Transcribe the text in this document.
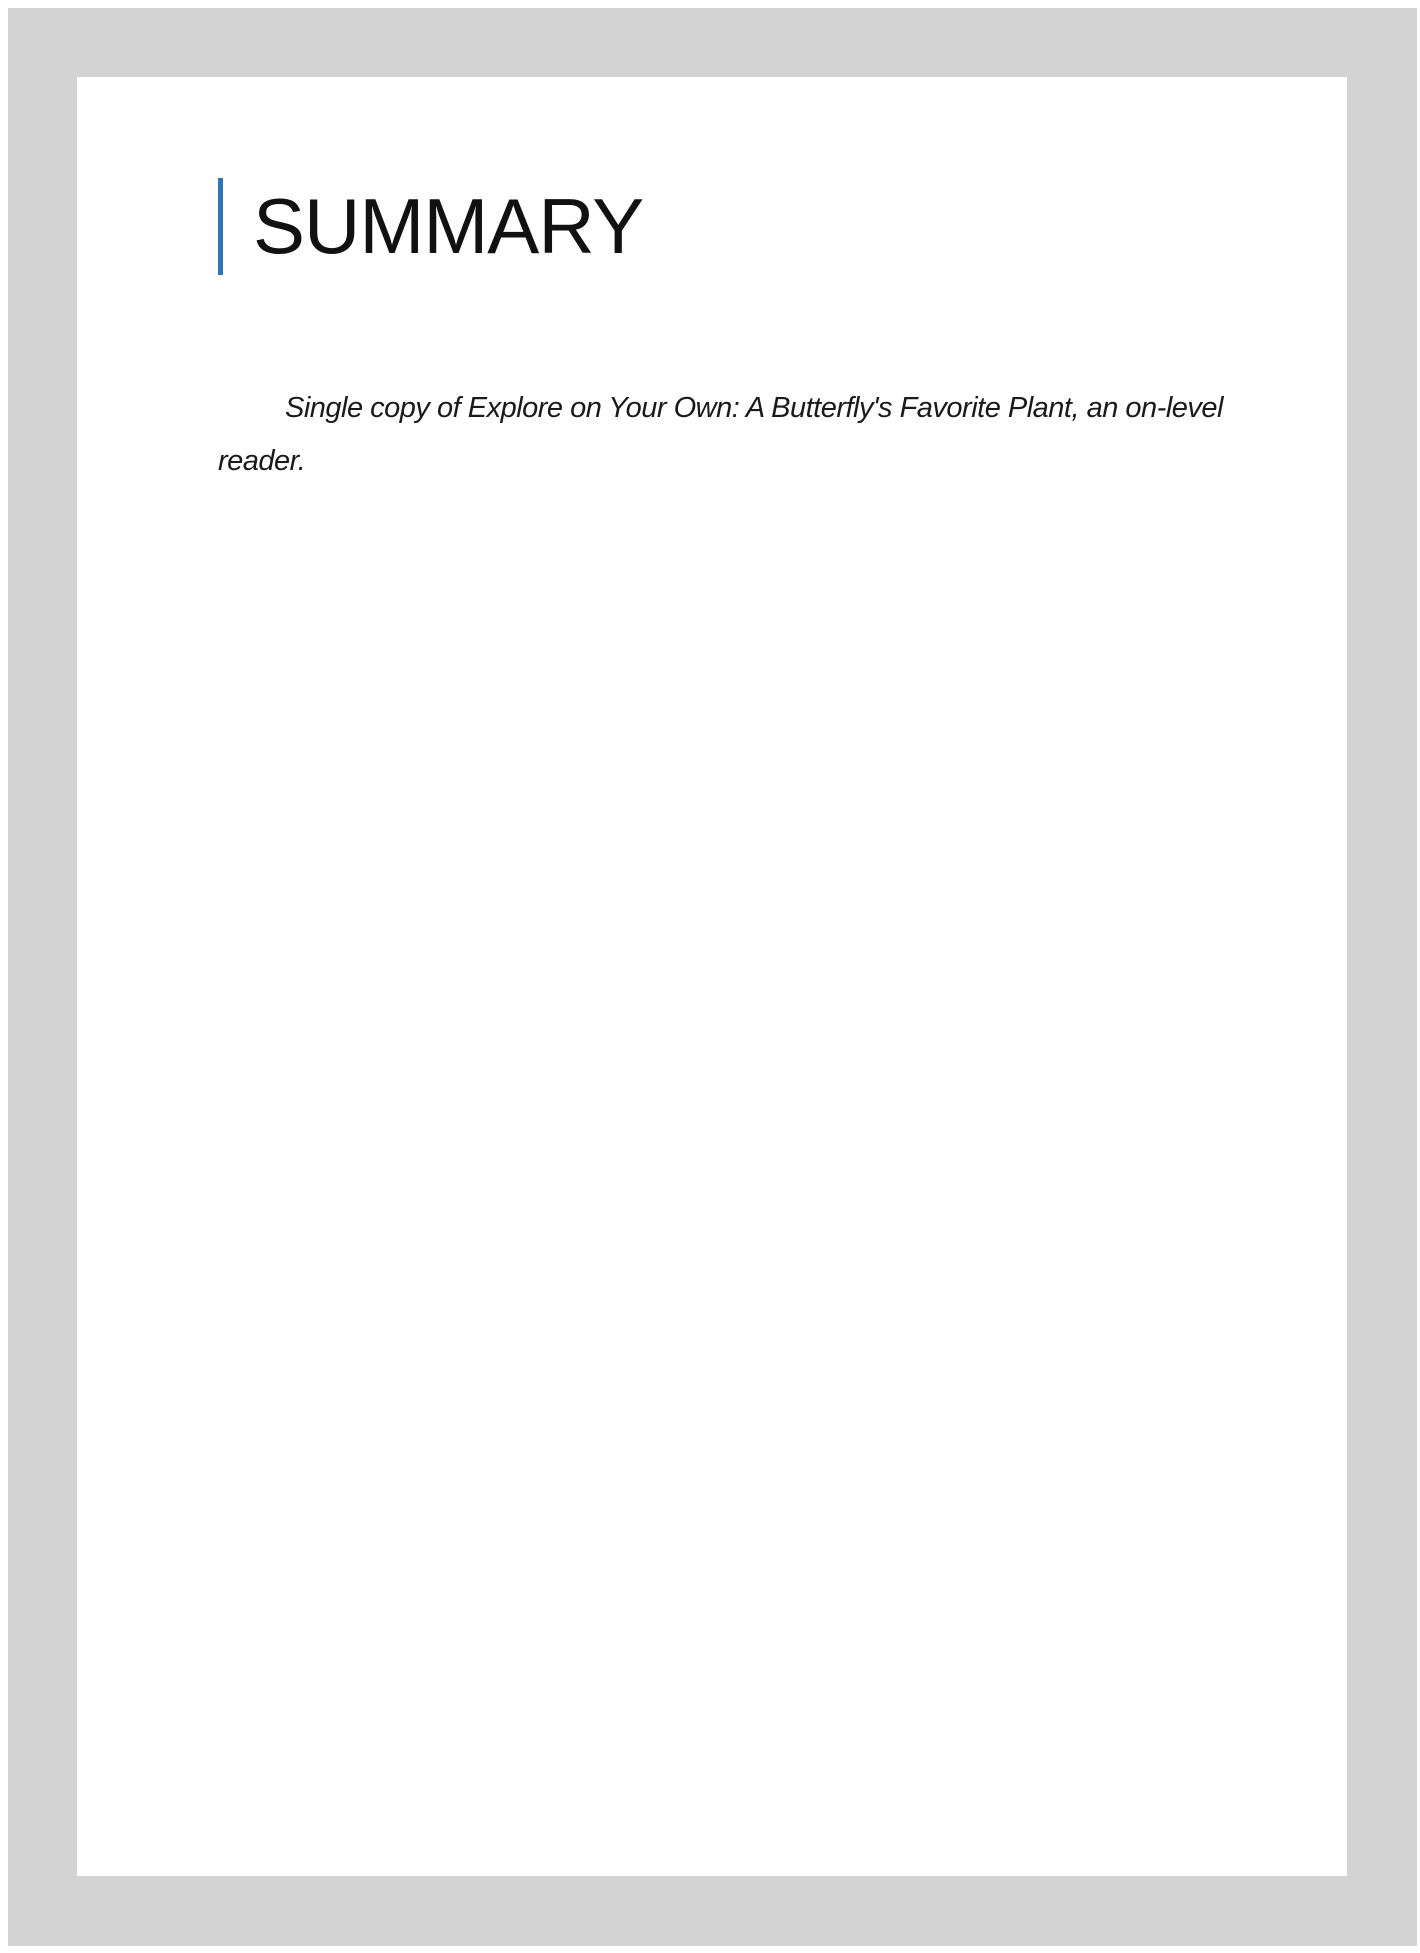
SUMMARY
Single copy of Explore on Your Own: A Butterfly's Favorite Plant, an on-level
reader.
